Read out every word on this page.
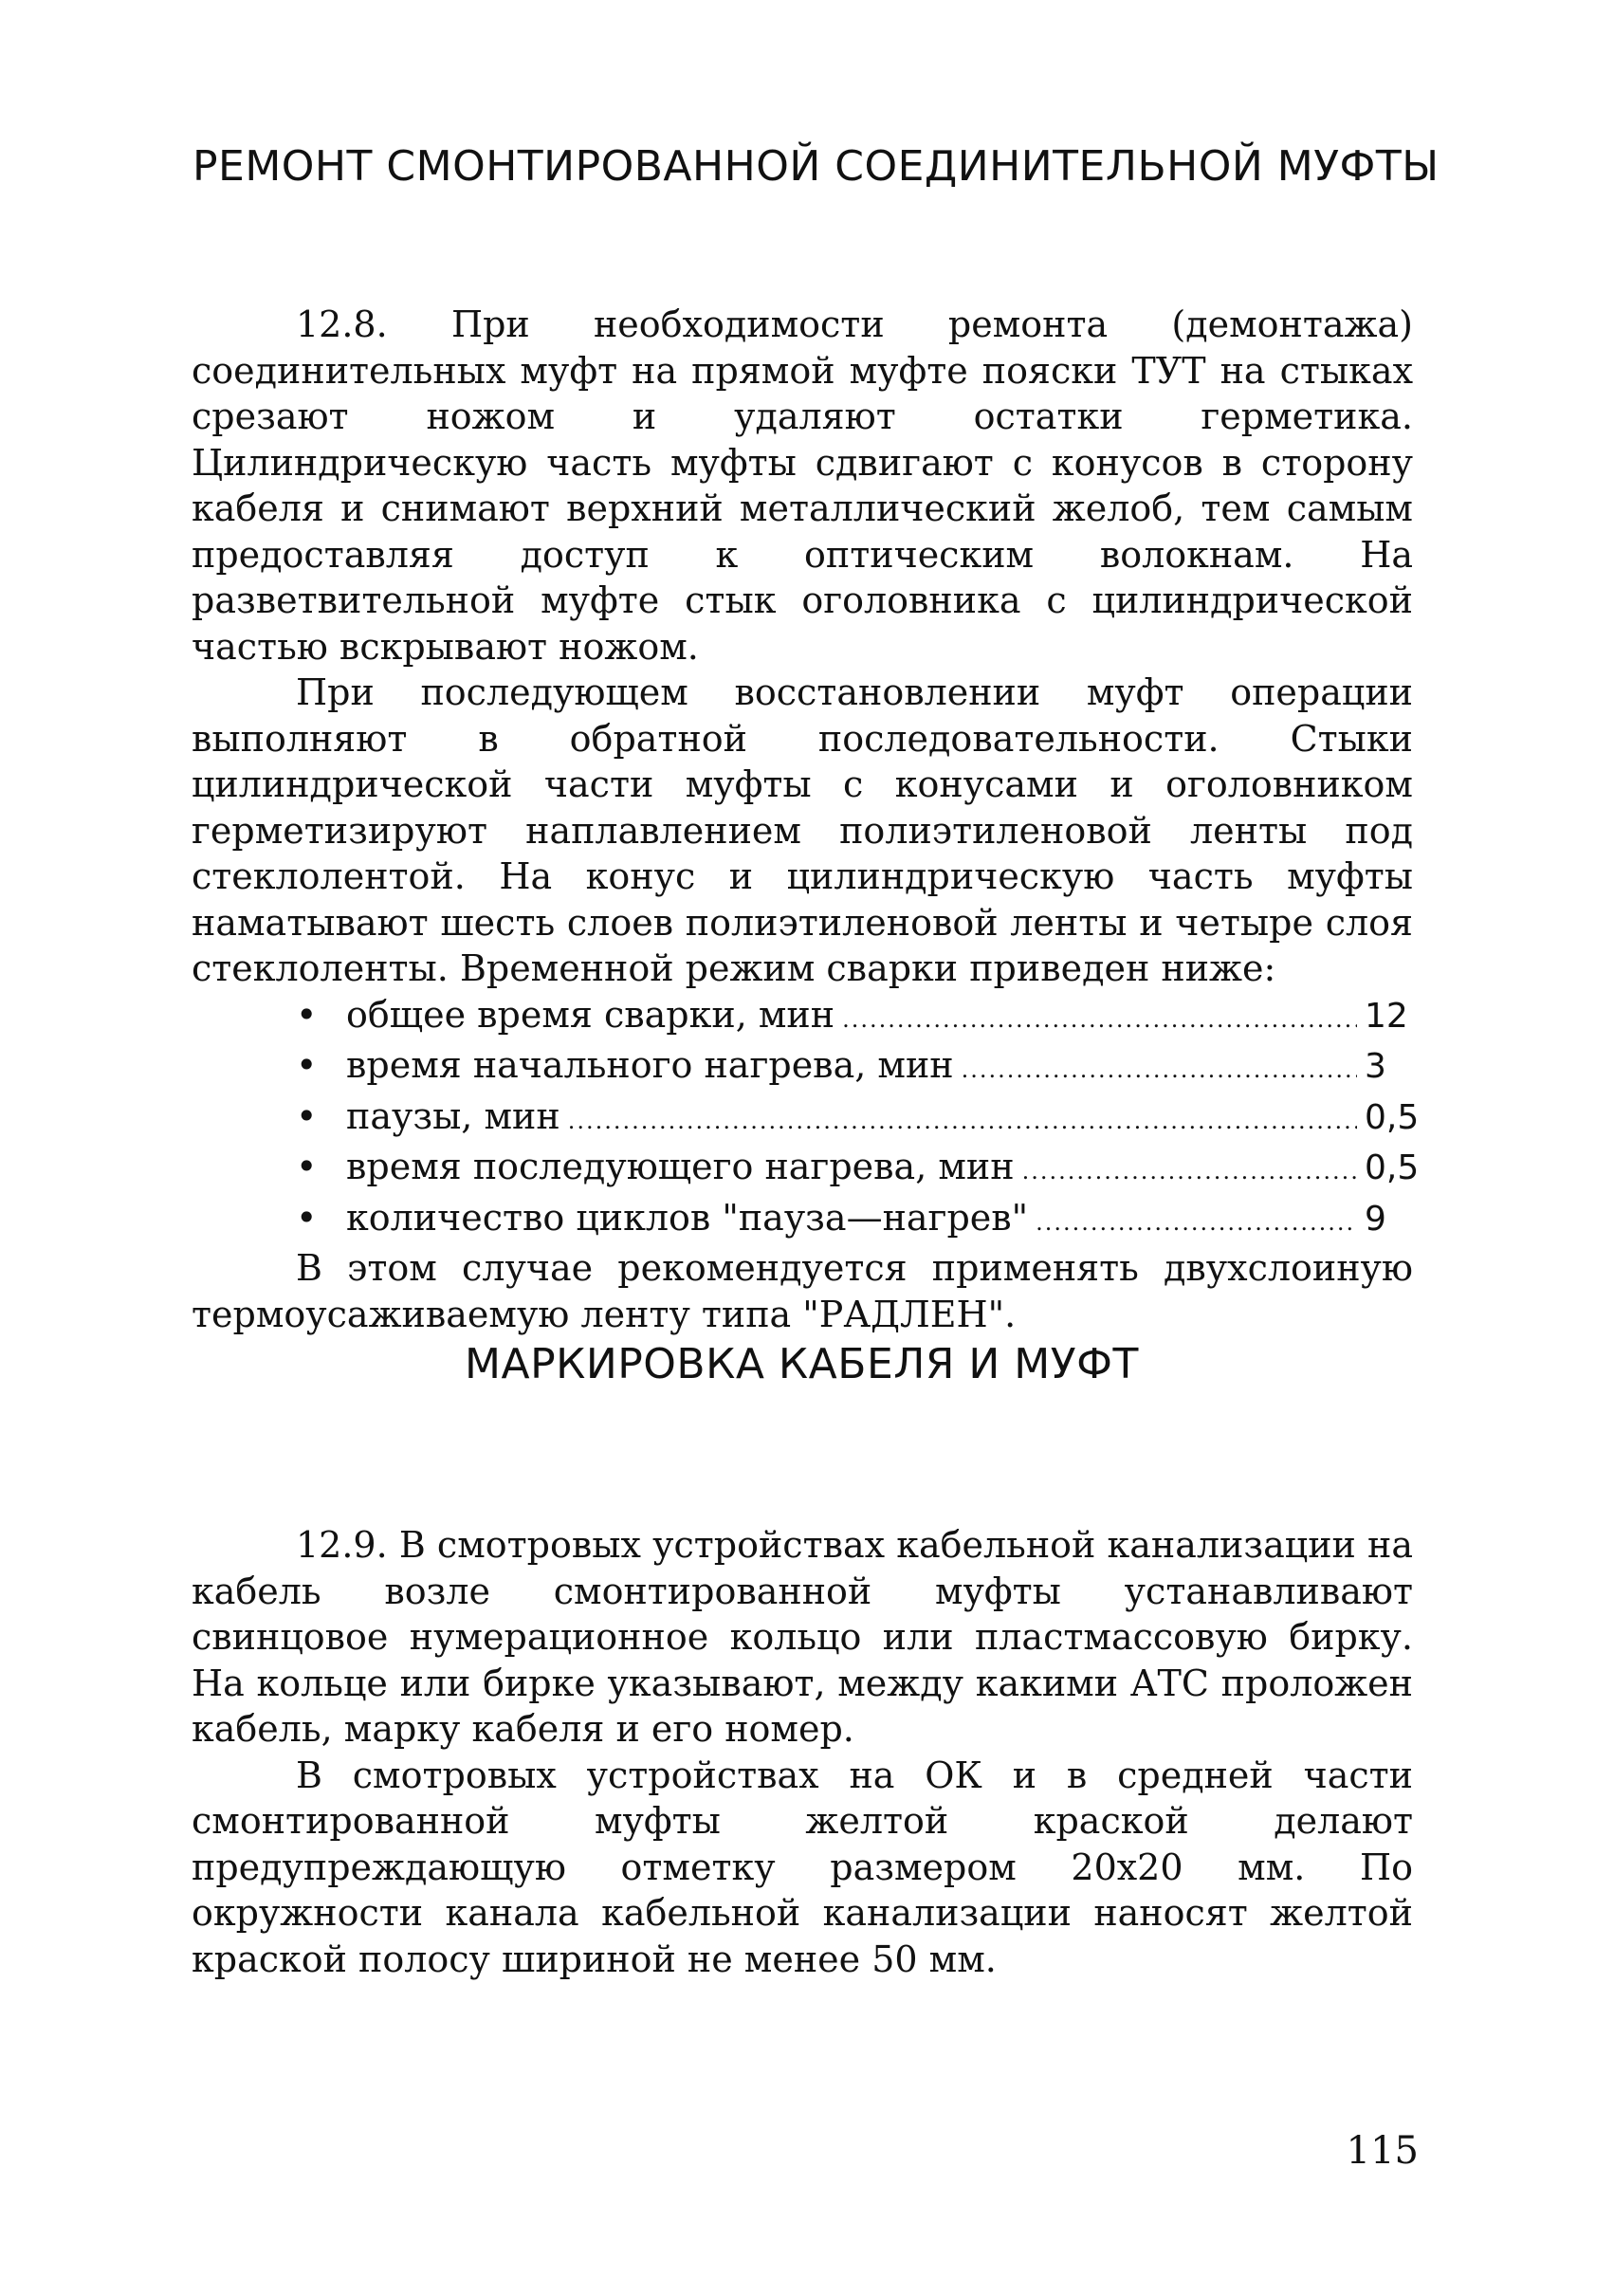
РЕМОНТ СМОНТИРОВАННОЙ СОЕДИНИТЕЛЬНОЙ МУФТЫ

12.8. При необходимости ремонта (демонтажа) соединительных муфт на прямой муфте пояски ТУТ на стыках срезают ножом и удаляют остатки герметика. Цилиндрическую часть муфты сдвигают с конусов в сторону кабеля и снимают верхний металлический желоб, тем самым предоставляя доступ к оптическим волокнам. На разветвительной муфте стык оголовника с цилиндрической частью вскрывают ножом.

При последующем восстановлении муфт операции выполняют в обратной последовательности. Стыки цилиндрической части муфты с конусами и оголовником герметизируют наплавлением полиэтиленовой ленты под стеклолентой. На конус и цилиндрическую часть муфты наматывают шесть слоев полиэтиленовой ленты и четыре слоя стеклоленты. Временной режим сварки приведен ниже:

• общее время сварки, мин .....	12
• время начального нагрева, мин .....	3
• паузы, мин .....	0,5
• время последующего нагрева, мин .....	0,5
• количество циклов "пауза—нагрев" .....	9

В этом случае рекомендуется применять двухслоиную термоусаживаемую ленту типа "РАДЛЕН".

МАРКИРОВКА КАБЕЛЯ И МУФТ

12.9. В смотровых устройствах кабельной канализации на кабель возле смонтированной муфты устанавливают свинцовое нумерационное кольцо или пластмассовую бирку. На кольце или бирке указывают, между какими АТС проложен кабель, марку кабеля и его номер.

В смотровых устройствах на ОК и в средней части смонтированной муфты желтой краской делают предупреждающую отметку размером 20x20 мм. По окружности канала кабельной канализации наносят желтой краской полосу шириной не менее 50 мм.

115
